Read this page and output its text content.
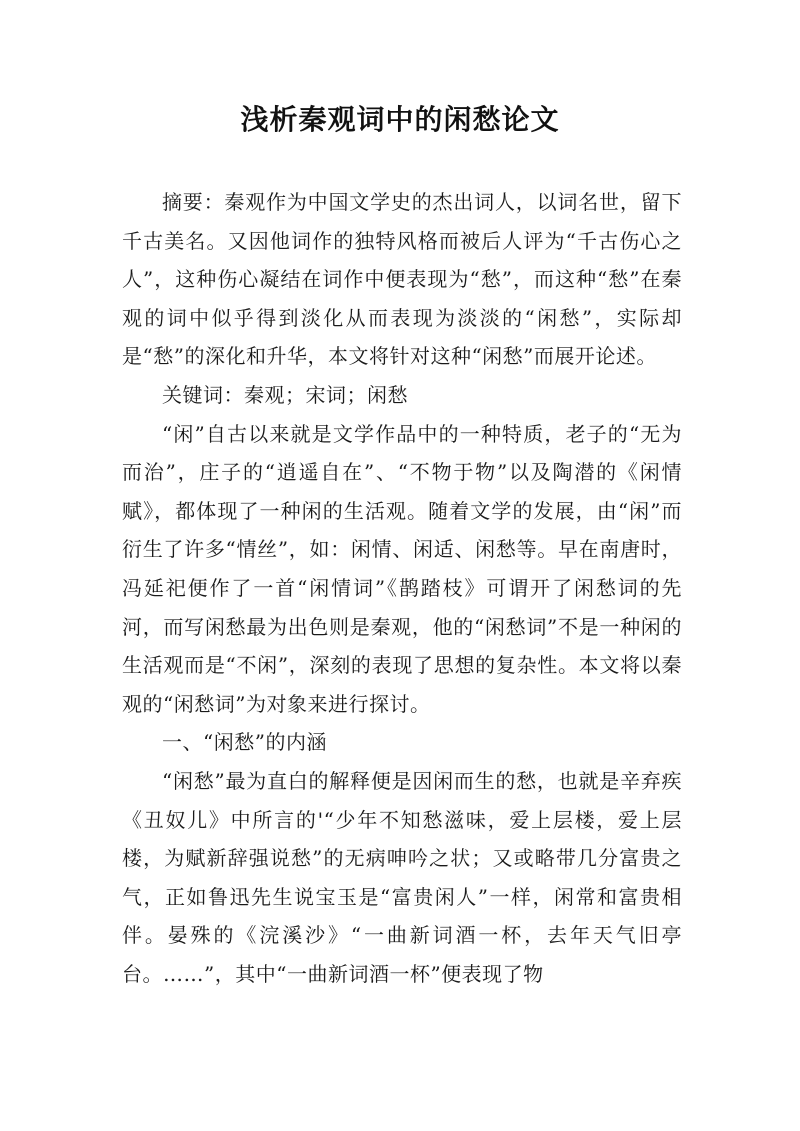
浅析秦观词中的闲愁论文

摘要：秦观作为中国文学史的杰出词人，以词名世，留下千古美名。又因他词作的独特风格而被后人评为“千古伤心之人”，这种伤心凝结在词作中便表现为“愁”，而这种“愁”在秦观的词中似乎得到淡化从而表现为淡淡的“闲愁”，实际却是“愁”的深化和升华，本文将针对这种“闲愁”而展开论述。

关键词：秦观；宋词；闲愁

“闲”自古以来就是文学作品中的一种特质，老子的“无为而治”，庄子的“逍遥自在”、“不物于物”以及陶潜的《闲情赋》，都体现了一种闲的生活观。随着文学的发展，由“闲”而衍生了许多“情丝”，如：闲情、闲适、闲愁等。早在南唐时，冯延祀便作了一首“闲情词”《鹊踏枝》可谓开了闲愁词的先河，而写闲愁最为出色则是秦观，他的“闲愁词”不是一种闲的生活观而是“不闲”，深刻的表现了思想的复杂性。本文将以秦观的“闲愁词”为对象来进行探讨。

一、“闲愁”的内涵

“闲愁”最为直白的解释便是因闲而生的愁，也就是辛弃疾《丑奴儿》中所言的'“少年不知愁滋味，爱上层楼，爱上层楼，为赋新辞强说愁”的无病呻吟之状；又或略带几分富贵之气，正如鲁迅先生说宝玉是“富贵闲人”一样，闲常和富贵相伴。晏殊的《浣溪沙》“一曲新词酒一杯，去年天气旧亭台。……”，其中“一曲新词酒一杯”便表现了物
